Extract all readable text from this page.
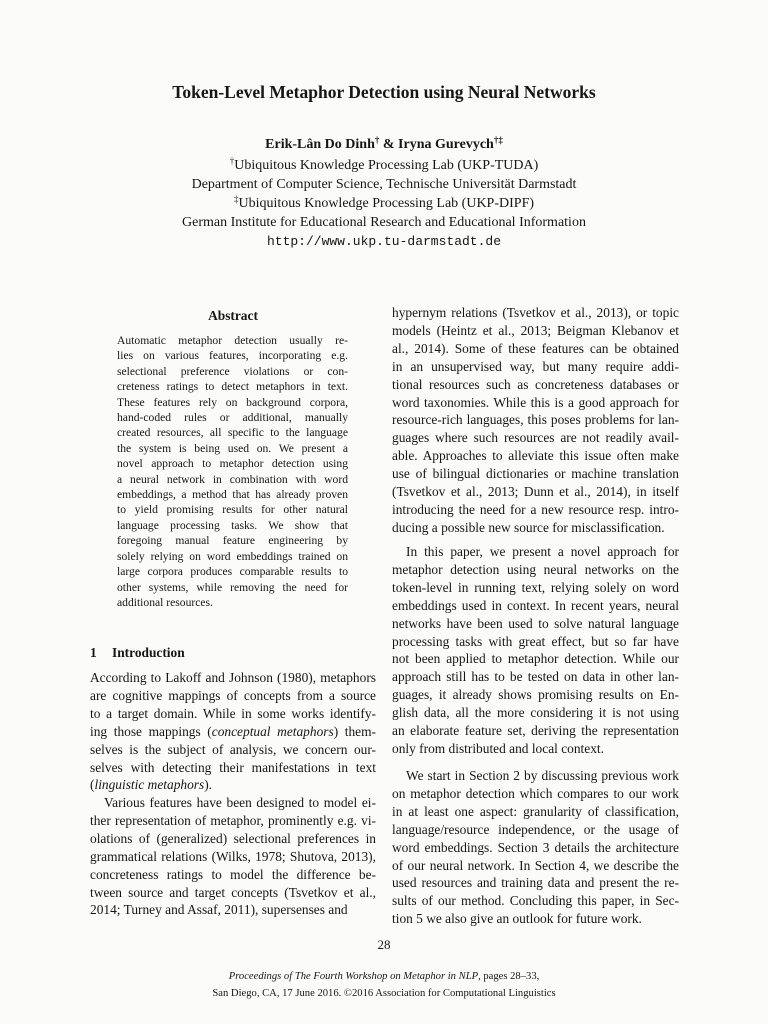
Token-Level Metaphor Detection using Neural Networks
Erik-Lân Do Dinh† & Iryna Gurevych†‡
†Ubiquitous Knowledge Processing Lab (UKP-TUDA)
Department of Computer Science, Technische Universität Darmstadt
‡Ubiquitous Knowledge Processing Lab (UKP-DIPF)
German Institute for Educational Research and Educational Information
http://www.ukp.tu-darmstadt.de
Abstract
Automatic metaphor detection usually re-
lies on various features, incorporating e.g.
selectional preference violations or con-
creteness ratings to detect metaphors in text.
These features rely on background corpora,
hand-coded rules or additional, manually
created resources, all specific to the language
the system is being used on. We present a
novel approach to metaphor detection using
a neural network in combination with word
embeddings, a method that has already proven
to yield promising results for other natural
language processing tasks. We show that
foregoing manual feature engineering by
solely relying on word embeddings trained on
large corpora produces comparable results to
other systems, while removing the need for
additional resources.
1 Introduction
According to Lakoff and Johnson (1980), metaphors
are cognitive mappings of concepts from a source
to a target domain. While in some works identify-
ing those mappings (conceptual metaphors) them-
selves is the subject of analysis, we concern our-
selves with detecting their manifestations in text
(linguistic metaphors).
Various features have been designed to model ei-
ther representation of metaphor, prominently e.g. vi-
olations of (generalized) selectional preferences in
grammatical relations (Wilks, 1978; Shutova, 2013),
concreteness ratings to model the difference be-
tween source and target concepts (Tsvetkov et al.,
2014; Turney and Assaf, 2011), supersenses and
hypernym relations (Tsvetkov et al., 2013), or topic
models (Heintz et al., 2013; Beigman Klebanov et
al., 2014). Some of these features can be obtained
in an unsupervised way, but many require addi-
tional resources such as concreteness databases or
word taxonomies. While this is a good approach for
resource-rich languages, this poses problems for lan-
guages where such resources are not readily avail-
able. Approaches to alleviate this issue often make
use of bilingual dictionaries or machine translation
(Tsvetkov et al., 2013; Dunn et al., 2014), in itself
introducing the need for a new resource resp. intro-
ducing a possible new source for misclassification.
In this paper, we present a novel approach for
metaphor detection using neural networks on the
token-level in running text, relying solely on word
embeddings used in context. In recent years, neural
networks have been used to solve natural language
processing tasks with great effect, but so far have
not been applied to metaphor detection. While our
approach still has to be tested on data in other lan-
guages, it already shows promising results on En-
glish data, all the more considering it is not using
an elaborate feature set, deriving the representation
only from distributed and local context.
We start in Section 2 by discussing previous work
on metaphor detection which compares to our work
in at least one aspect: granularity of classification,
language/resource independence, or the usage of
word embeddings. Section 3 details the architecture
of our neural network. In Section 4, we describe the
used resources and training data and present the re-
sults of our method. Concluding this paper, in Sec-
tion 5 we also give an outlook for future work.
28
Proceedings of The Fourth Workshop on Metaphor in NLP, pages 28–33,
San Diego, CA, 17 June 2016. ©2016 Association for Computational Linguistics
